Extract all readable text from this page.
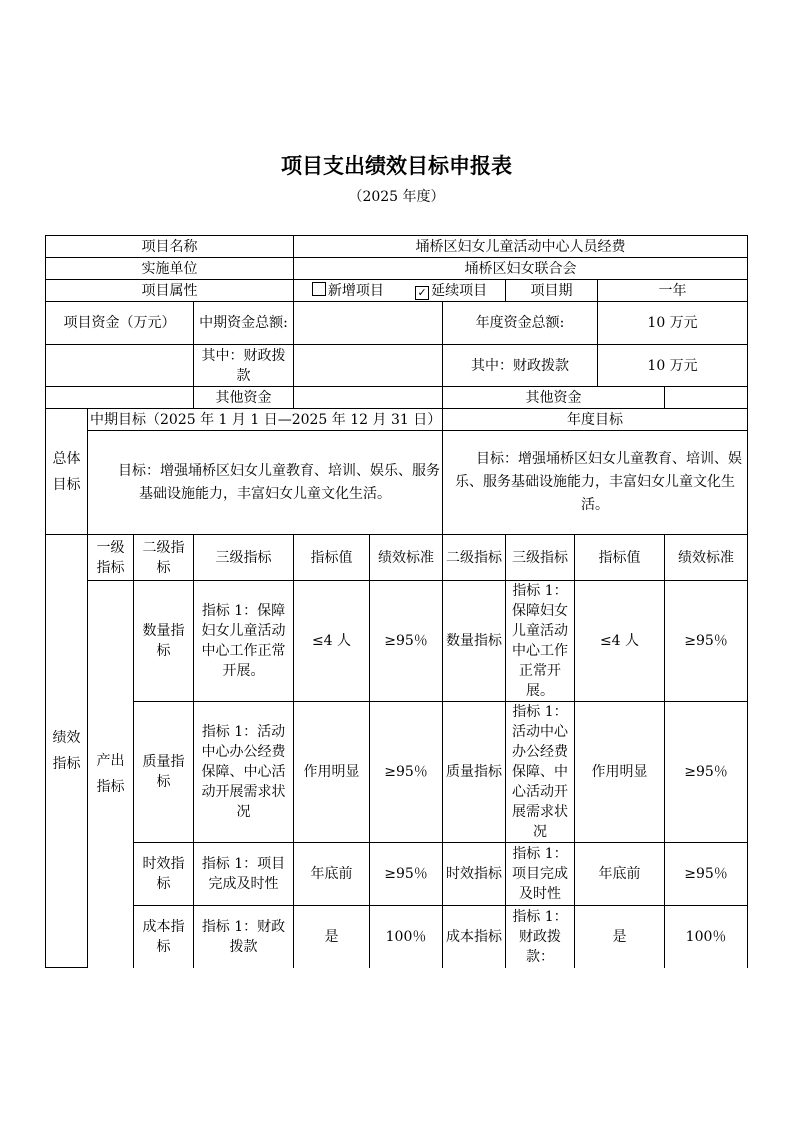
项目支出绩效目标申报表
（2025 年度）
项目名称				埇桥区妇女儿童活动中心人员经费						
实施单位				埇桥区妇女联合会						
项目属性				新增项目 ✓ 延续项目			项目期		一年	
项目资金（万元）			中期资金总额:			年度资金总额:			10 万元	
			其中：财政拨款			其中：财政拨款			10 万元	
			其他资金			其他资金				
总体目标	中期目标（2025 年 1 月 1 日—2025 年 12 月 31 日）					年度目标				
	目标：增强埇桥区妇女儿童教育、培训、娱乐、服务基础设施能力，丰富妇女儿童文化生活。					目标：增强埇桥区妇女儿童教育、培训、娱乐、服务基础设施能力，丰富妇女儿童文化生活。				
绩效指标	一级指标	二级指标	三级指标	指标值	绩效标准	二级指标	三级指标	指标值		绩效标准
	产出指标	数量指标	指标 1：保障妇女儿童活动中心工作正常开展。	≤4 人	≥95％	数量指标	指标 1：保障妇女儿童活动中心工作正常开展。	≤4 人		≥95％
		质量指标	指标 1：活动中心办公经费保障、中心活动开展需求状况	作用明显	≥95％	质量指标	指标 1：活动中心办公经费保障、中心活动开展需求状况	作用明显		≥95％
		时效指标	指标 1：项目完成及时性	年底前	≥95％	时效指标	指标 1：项目完成及时性	年底前		≥95％
		成本指标	指标 1：财政拨款	是	100％	成本指标	指标 1：财政拨款：	是		100％
